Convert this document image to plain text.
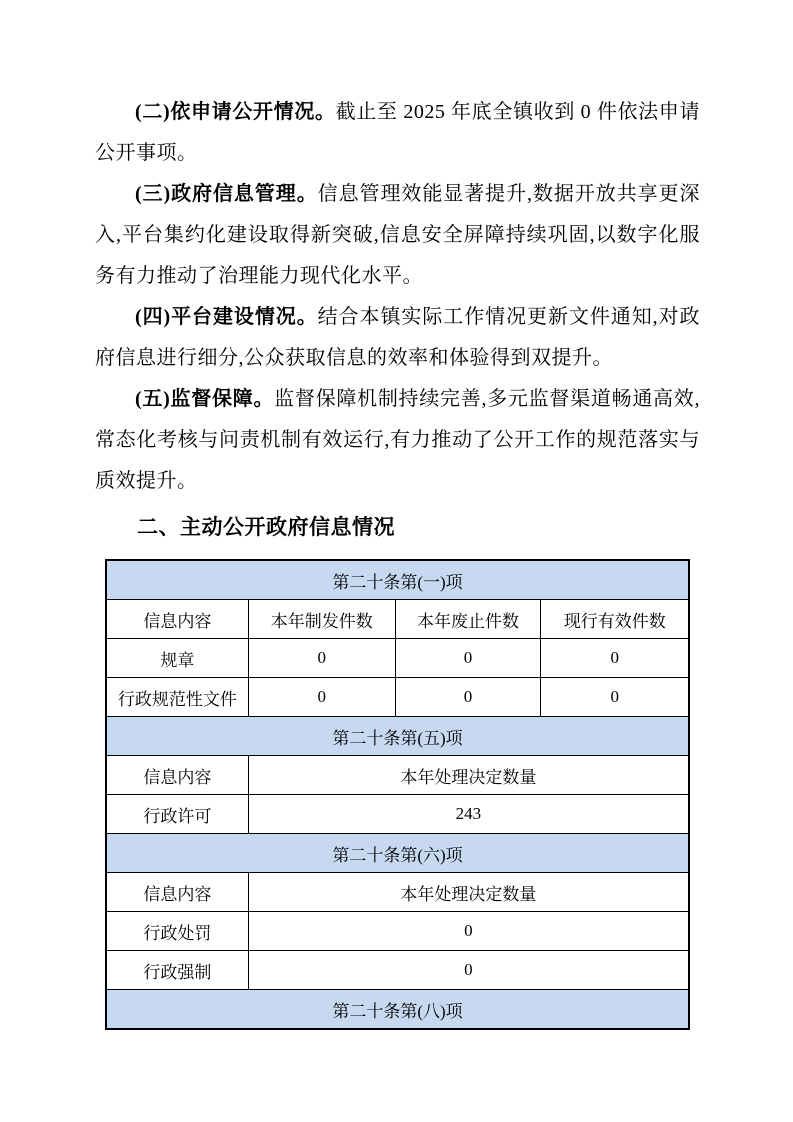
(二)依申请公开情况。截止至 2025 年底全镇收到 0 件依法申请公开事项。

(三)政府信息管理。信息管理效能显著提升,数据开放共享更深入,平台集约化建设取得新突破,信息安全屏障持续巩固,以数字化服务有力推动了治理能力现代化水平。

(四)平台建设情况。结合本镇实际工作情况更新文件通知,对政府信息进行细分,公众获取信息的效率和体验得到双提升。

(五)监督保障。监督保障机制持续完善,多元监督渠道畅通高效,常态化考核与问责机制有效运行,有力推动了公开工作的规范落实与质效提升。

二、主动公开政府信息情况
第二十条第(一)项			
信息内容	本年制发件数	本年废止件数	现行有效件数
规章	0	0	0
行政规范性文件	0	0	0
第二十条第(五)项			
信息内容	本年处理决定数量		
行政许可	243		
第二十条第(六)项			
信息内容	本年处理决定数量		
行政处罚	0		
行政强制	0		
第二十条第(八)项			
